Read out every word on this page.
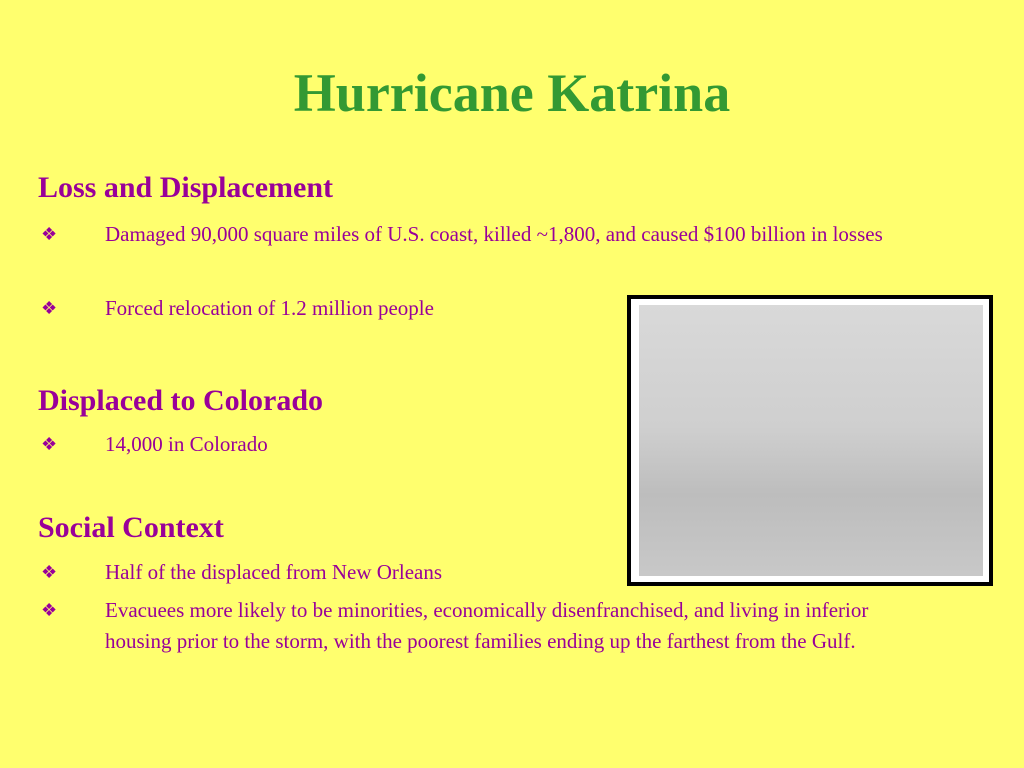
Hurricane Katrina
Loss and Displacement
❖ Damaged 90,000 square miles of U.S. coast, killed ~1,800, and caused $100 billion in losses
❖ Forced relocation of 1.2 million people
Displaced to Colorado
❖ 14,000 in Colorado
Social Context
❖ Half of the displaced from New Orleans
❖ Evacuees more likely to be minorities, economically disenfranchised, and living in inferior housing prior to the storm, with the poorest families ending up the farthest from the Gulf.
